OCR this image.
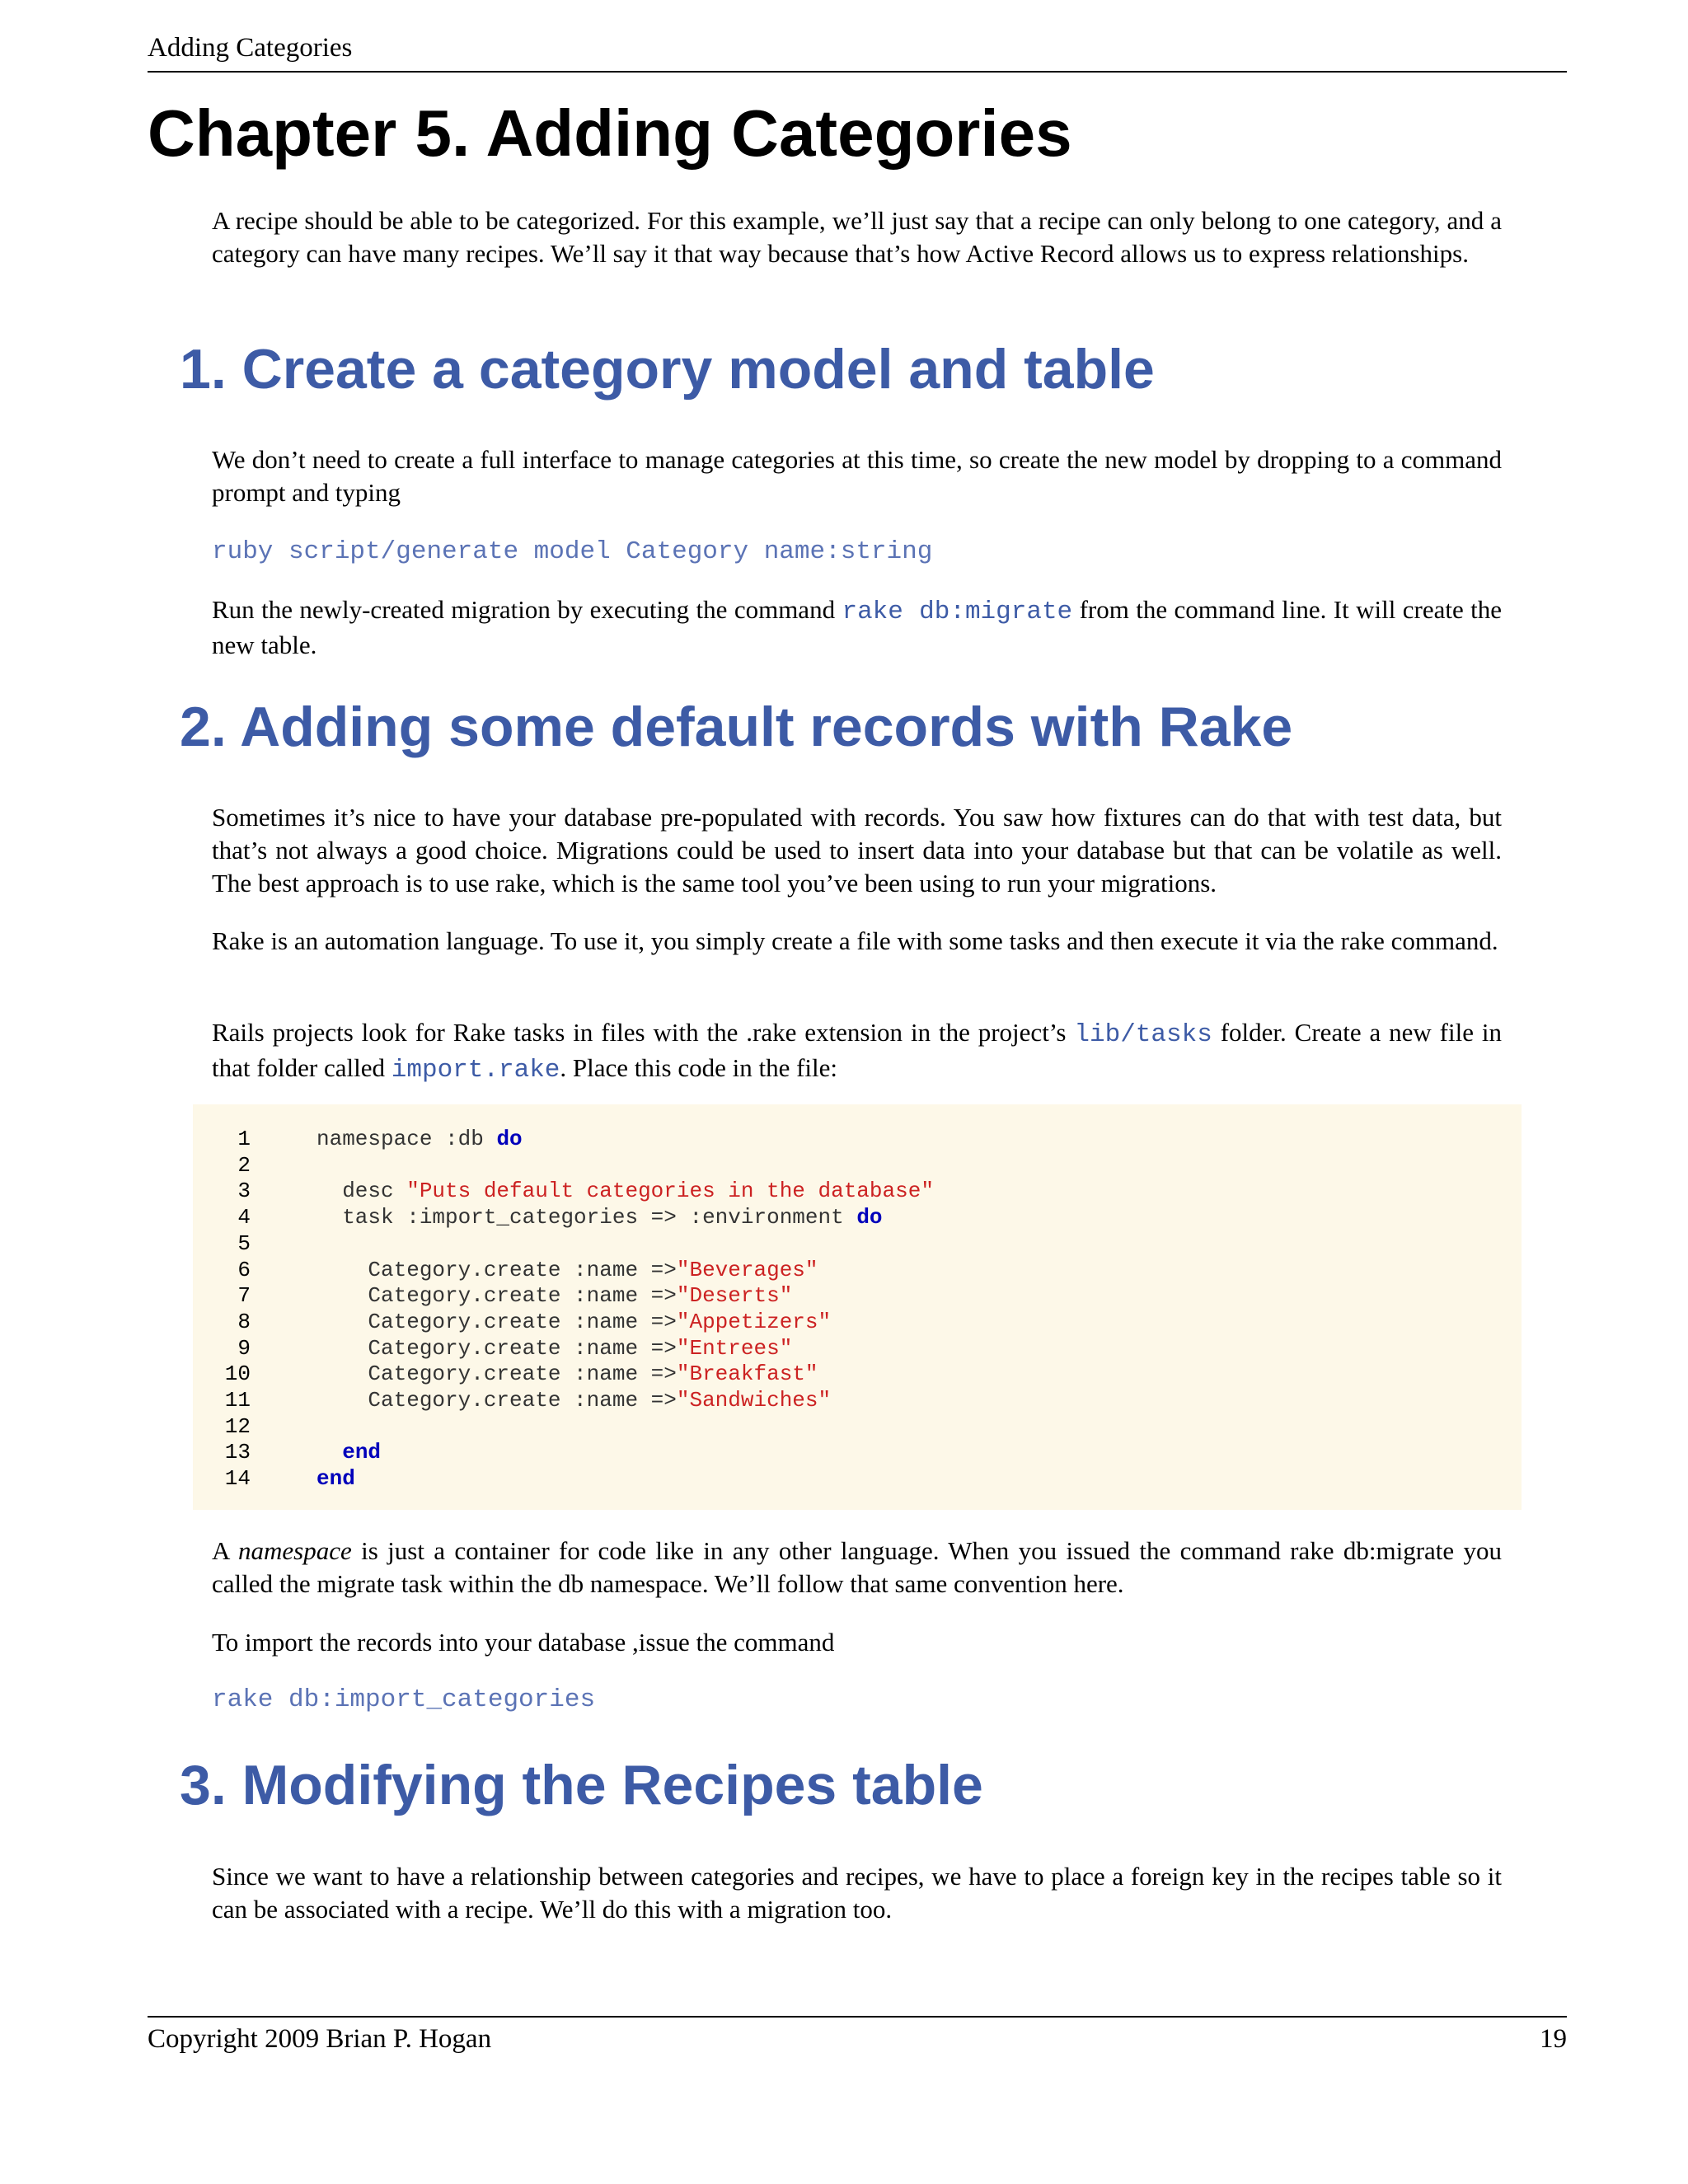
Adding Categories
Chapter 5. Adding Categories

A recipe should be able to be categorized. For this example, we’ll just say that a recipe can only belong to one category, and a category can have many recipes. We’ll say it that way because that’s how Active Record allows us to express relationships.

1. Create a category model and table

We don’t need to create a full interface to manage categories at this time, so create the new model by dropping to a command prompt and typing

ruby script/generate model Category name:string

Run the newly-created migration by executing the command rake db:migrate from the command line. It will create the new table.

2. Adding some default records with Rake

Sometimes it’s nice to have your database pre-populated with records. You saw how fixtures can do that with test data, but that’s not always a good choice. Migrations could be used to insert data into your database but that can be volatile as well. The best approach is to use rake, which is the same tool you’ve been using to run your migrations.

Rake is an automation language. To use it, you simply create a file with some tasks and then execute it via the rake command.

Rails projects look for Rake tasks in files with the .rake extension in the project’s lib/tasks folder. Create a new file in that folder called import.rake. Place this code in the file:

1	namespace :db do
2
3	desc "Puts default categories in the database"
4	task :import_categories => :environment do
5
6	Category.create :name =>"Beverages"
7	Category.create :name =>"Deserts"
8	Category.create :name =>"Appetizers"
9	Category.create :name =>"Entrees"
10	Category.create :name =>"Breakfast"
11	Category.create :name =>"Sandwiches"
12
13	end
14	end

A namespace is just a container for code like in any other language. When you issued the command rake db:migrate you called the migrate task within the db namespace. We’ll follow that same convention here.

To import the records into your database ,issue the command

rake db:import_categories
3. Modifying the Recipes table

Since we want to have a relationship between categories and recipes, we have to place a foreign key in the recipes table so it can be associated with a recipe. We’ll do this with a migration too.

Copyright 2009 Brian P. Hogan	19
